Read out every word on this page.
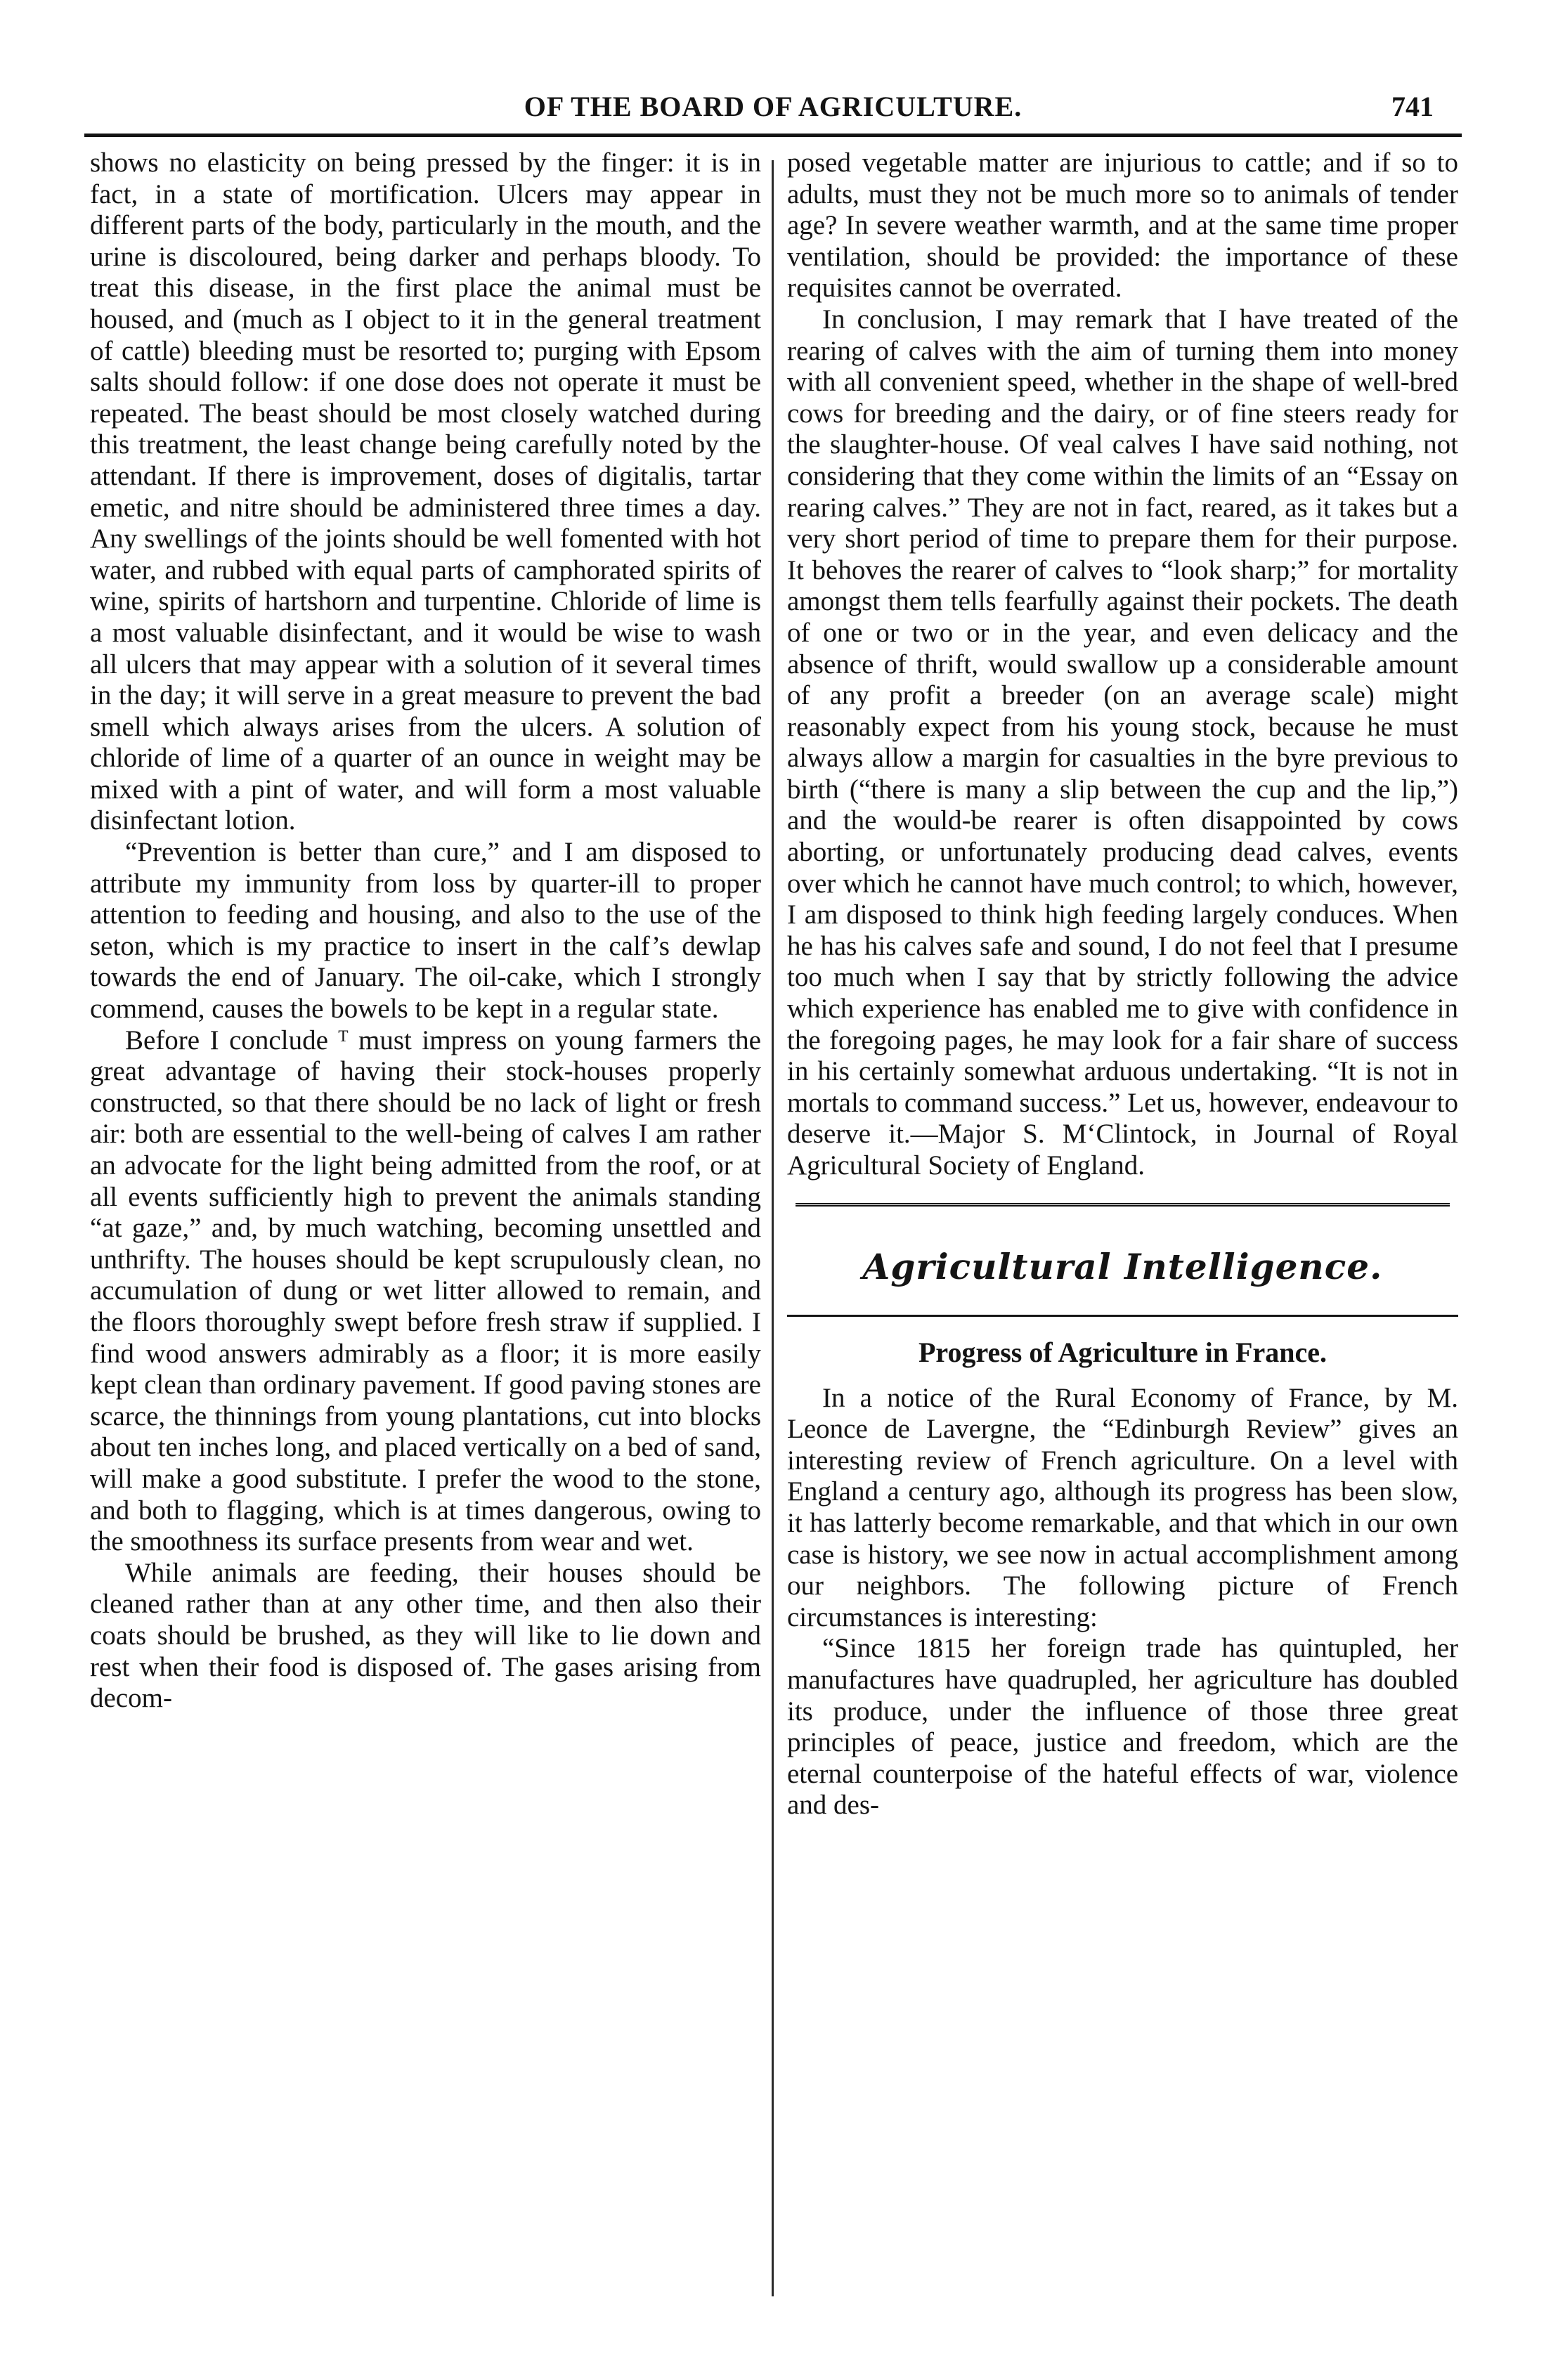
OF THE BOARD OF AGRICULTURE.	741

shows no elasticity on being pressed by the finger: it is in fact, in a state of mortification. Ulcers may appear in different parts of the body, particularly in the mouth, and the urine is discoloured, being darker and perhaps bloody. To treat this disease, in the first place the animal must be housed, and (much as I object to it in the general treatment of cattle) bleeding must be resorted to; purging with Epsom salts should follow: if one dose does not operate it must be repeated. The beast should be most closely watched during this treatment, the least change being carefully noted by the attendant. If there is improvement, doses of digitalis, tartar emetic, and nitre should be administered three times a day. Any swellings of the joints should be well fomented with hot water, and rubbed with equal parts of camphorated spirits of wine, spirits of hartshorn and turpentine. Chloride of lime is a most valuable disinfectant, and it would be wise to wash all ulcers that may appear with a solution of it several times in the day; it will serve in a great measure to prevent the bad smell which always arises from the ulcers. A solution of chloride of lime of a quarter of an ounce in weight may be mixed with a pint of water, and will form a most valuable disinfectant lotion.

“Prevention is better than cure,” and I am disposed to attribute my immunity from loss by quarter-ill to proper attention to feeding and housing, and also to the use of the seton, which is my practice to insert in the calf’s dewlap towards the end of January. The oil-cake, which I strongly commend, causes the bowels to be kept in a regular state.

Before I conclude ᵀ must impress on young farmers the great advantage of having their stock-houses properly constructed, so that there should be no lack of light or fresh air: both are essential to the well-being of calves I am rather an advocate for the light being admitted from the roof, or at all events sufficiently high to prevent the animals standing “at gaze,” and, by much watching, becoming unsettled and unthrifty. The houses should be kept scrupulously clean, no accumulation of dung or wet litter allowed to remain, and the floors thoroughly swept before fresh straw if supplied. I find wood answers admirably as a floor; it is more easily kept clean than ordinary pavement. If good paving stones are scarce, the thinnings from young plantations, cut into blocks about ten inches long, and placed vertically on a bed of sand, will make a good substitute. I prefer the wood to the stone, and both to flagging, which is at times dangerous, owing to the smoothness its surface presents from wear and wet.

While animals are feeding, their houses should be cleaned rather than at any other time, and then also their coats should be brushed, as they will like to lie down and rest when their food is disposed of. The gases arising from decom-

posed vegetable matter are injurious to cattle; and if so to adults, must they not be much more so to animals of tender age? In severe weather warmth, and at the same time proper ventilation, should be provided: the importance of these requisites cannot be overrated.

In conclusion, I may remark that I have treated of the rearing of calves with the aim of turning them into money with all convenient speed, whether in the shape of well-bred cows for breeding and the dairy, or of fine steers ready for the slaughter-house. Of veal calves I have said nothing, not considering that they come within the limits of an “Essay on rearing calves.” They are not in fact, reared, as it takes but a very short period of time to prepare them for their purpose. It behoves the rearer of calves to “look sharp;” for mortality amongst them tells fearfully against their pockets. The death of one or two or in the year, and even delicacy and the absence of thrift, would swallow up a considerable amount of any profit a breeder (on an average scale) might reasonably expect from his young stock, because he must always allow a margin for casualties in the byre previous to birth (“there is many a slip between the cup and the lip,”) and the would-be rearer is often disappointed by cows aborting, or unfortunately producing dead calves, events over which he cannot have much control; to which, however, I am disposed to think high feeding largely conduces. When he has his calves safe and sound, I do not feel that I presume too much when I say that by strictly following the advice which experience has enabled me to give with confidence in the foregoing pages, he may look for a fair share of success in his certainly somewhat arduous undertaking. “It is not in mortals to command success.” Let us, however, endeavour to deserve it.—Major S. M‘Clintock, in Journal of Royal Agricultural Society of England.

Agricultural Intelligence.
Progress of Agriculture in France.

In a notice of the Rural Economy of France, by M. Leonce de Lavergne, the “Edinburgh Review” gives an interesting review of French agriculture. On a level with England a century ago, although its progress has been slow, it has latterly become remarkable, and that which in our own case is history, we see now in actual accomplishment among our neighbors. The following picture of French circumstances is interesting:

“Since 1815 her foreign trade has quintupled, her manufactures have quadrupled, her agriculture has doubled its produce, under the influence of those three great principles of peace, justice and freedom, which are the eternal counterpoise of the hateful effects of war, violence and des-
